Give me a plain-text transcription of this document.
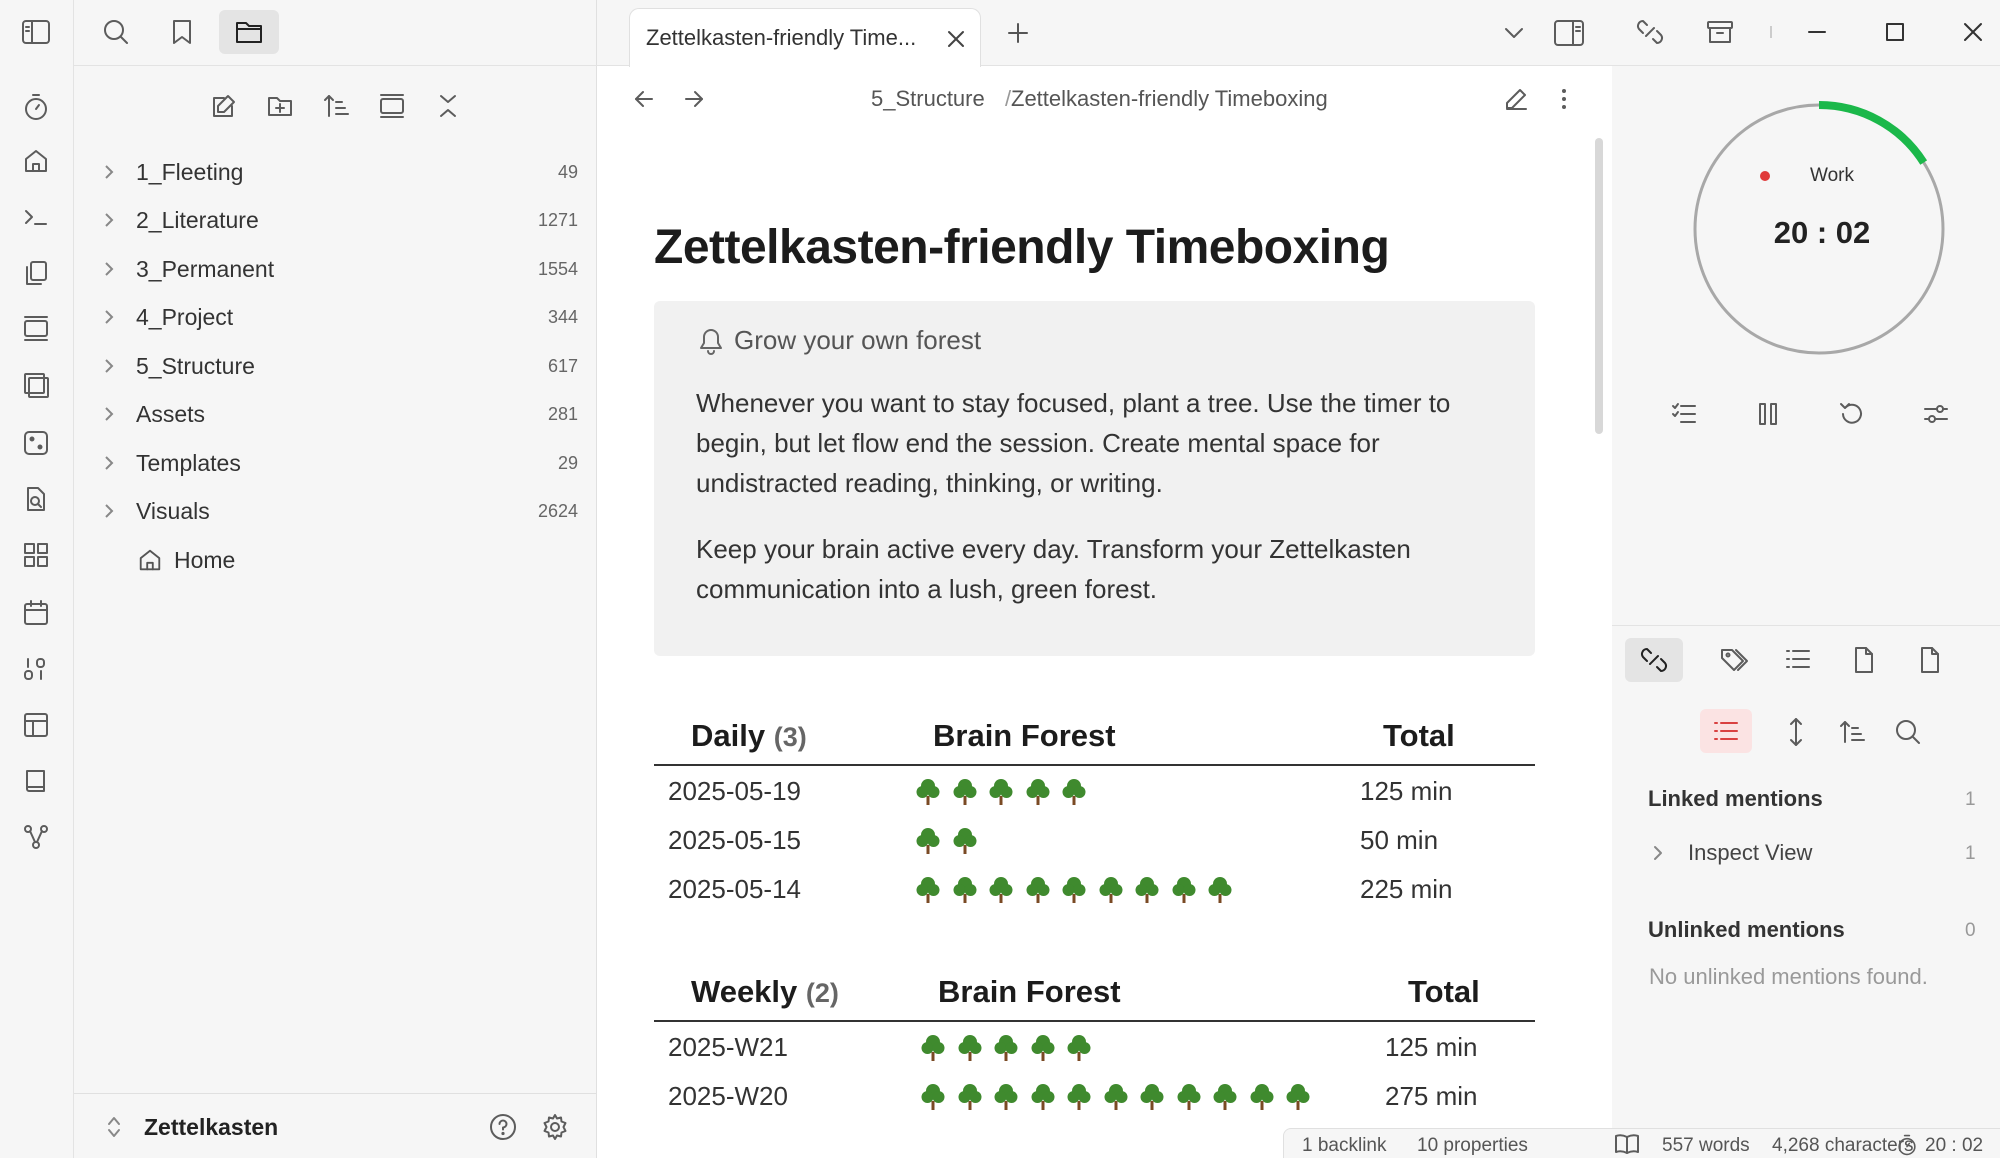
1_Fleeting	49
2_Literature	1271
3_Permanent	1554
4_Project	344
5_Structure	617
Assets	281
Templates	29
Visuals	2624
Home
Zettelkasten
Zettelkasten-friendly Time...
5_Structure / Zettelkasten-friendly Timeboxing
Zettelkasten-friendly Timeboxing
Grow your own forest

Whenever you want to stay focused, plant a tree. Use the timer to begin, but let flow end the session. Create mental space for undistracted reading, thinking, or writing.

Keep your brain active every day. Transform your Zettelkasten communication into a lush, green forest.

Daily (3)	Brain Forest	Total
2025-05-19	125 min
2025-05-15	50 min
2025-05-14	225 min
Weekly (2)	Brain Forest	Total
2025-W21	125 min
2025-W20	275 min
1 backlink 10 properties	557 words 4,268 characters 20 : 02
Work
20 : 02
Linked mentions	1
Inspect View	1
Unlinked mentions	0
No unlinked mentions found.
